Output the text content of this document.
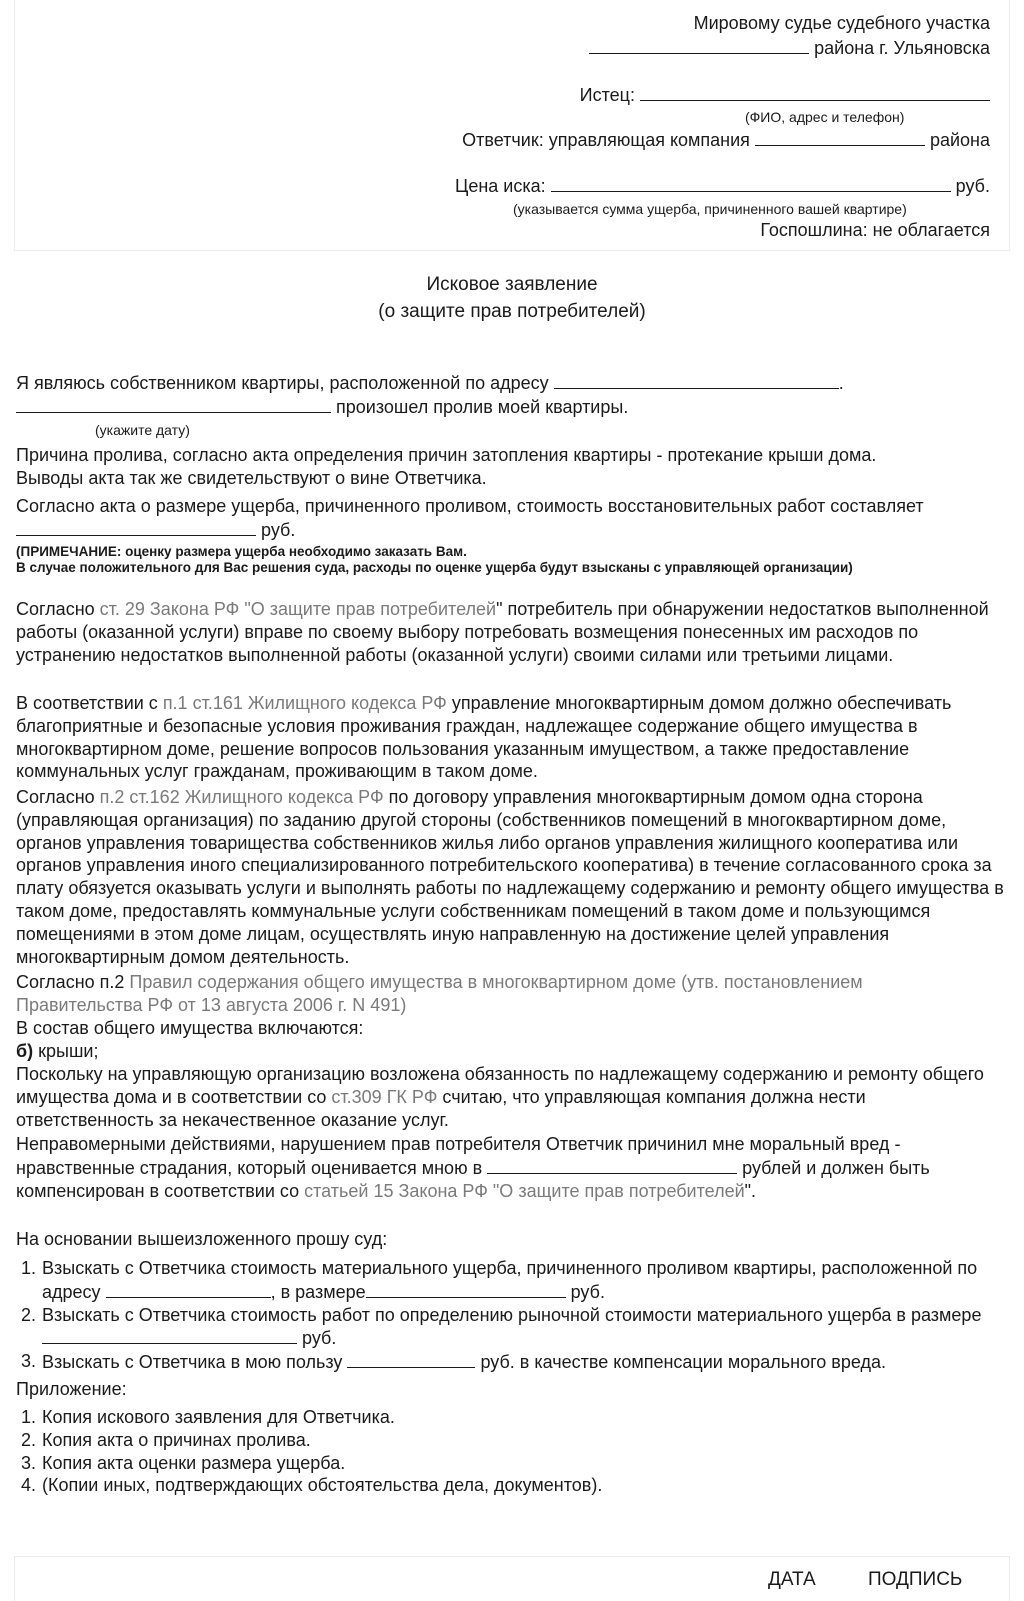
Мировому судье судебного участка
района г. Ульяновска
Истец:
(ФИО, адрес и телефон)
Ответчик: управляющая компания	района
Цена иска:	руб.
(указывается сумма ущерба, причиненного вашей квартире)
Госпошлина: не облагается
Исковое заявление
(о защите прав потребителей)

Я являюсь собственником квартиры, расположенной по адресу	.
произошел пролив моей квартиры.

(укажите дату)

Причина пролива, согласно акта определения причин затопления квартиры - протекание крыши дома.
Выводы акта так же свидетельствуют о вине Ответчика.

Согласно акта о размере ущерба, причиненного проливом, стоимость восстановительных работ составляет
руб.

(ПРИМЕЧАНИЕ: оценку размера ущерба необходимо заказать Вам.
В случае положительного для Вас решения суда, расходы по оценке ущерба будут взысканы с управляющей организации)

Согласно ст. 29 Закона РФ "О защите прав потребителей" потребитель при обнаружении недостатков выполненной работы (оказанной услуги) вправе по своему выбору потребовать возмещения понесенных им расходов по устранению недостатков выполненной работы (оказанной услуги) своими силами или третьими лицами.

В соответствии с п.1 ст.161 Жилищного кодекса РФ управление многоквартирным домом должно обеспечивать благоприятные и безопасные условия проживания граждан, надлежащее содержание общего имущества в многоквартирном доме, решение вопросов пользования указанным имуществом, а также предоставление коммунальных услуг гражданам, проживающим в таком доме.

Согласно п.2 ст.162 Жилищного кодекса РФ по договору управления многоквартирным домом одна сторона (управляющая организация) по заданию другой стороны (собственников помещений в многоквартирном доме, органов управления товарищества собственников жилья либо органов управления жилищного кооператива или органов управления иного специализированного потребительского кооператива) в течение согласованного срока за плату обязуется оказывать услуги и выполнять работы по надлежащему содержанию и ремонту общего имущества в таком доме, предоставлять коммунальные услуги собственникам помещений в таком доме и пользующимся помещениями в этом доме лицам, осуществлять иную направленную на достижение целей управления многоквартирным домом деятельность.

Согласно п.2 Правил содержания общего имущества в многоквартирном доме (утв. постановлением Правительства РФ от 13 августа 2006 г. N 491)

В состав общего имущества включаются:

б) крыши;

Поскольку на управляющую организацию возложена обязанность по надлежащему содержанию и ремонту общего имущества дома и в соответствии со ст.309 ГК РФ считаю, что управляющая компания должна нести ответственность за некачественное оказание услуг.

Неправомерными действиями, нарушением прав потребителя Ответчик причинил мне моральный вред - нравственные страдания, который оценивается мною в	рублей и должен быть компенсирован в соответствии со статьей 15 Закона РФ "О защите прав потребителей".

На основании вышеизложенного прошу суд:

1. Взыскать с Ответчика стоимость материального ущерба, причиненного проливом квартиры, расположенной по адресу	, в размере	руб.
2. Взыскать с Ответчика стоимость работ по определению рыночной стоимости материального ущерба в размере  руб.
3. Взыскать с Ответчика в мою пользу	руб. в качестве компенсации морального вреда.

Приложение:

1. Копия искового заявления для Ответчика.
2. Копия акта о причинах пролива.
3. Копия акта оценки размера ущерба.
4. (Копии иных, подтверждающих обстоятельства дела, документов).
ДАТА	ПОДПИСЬ
